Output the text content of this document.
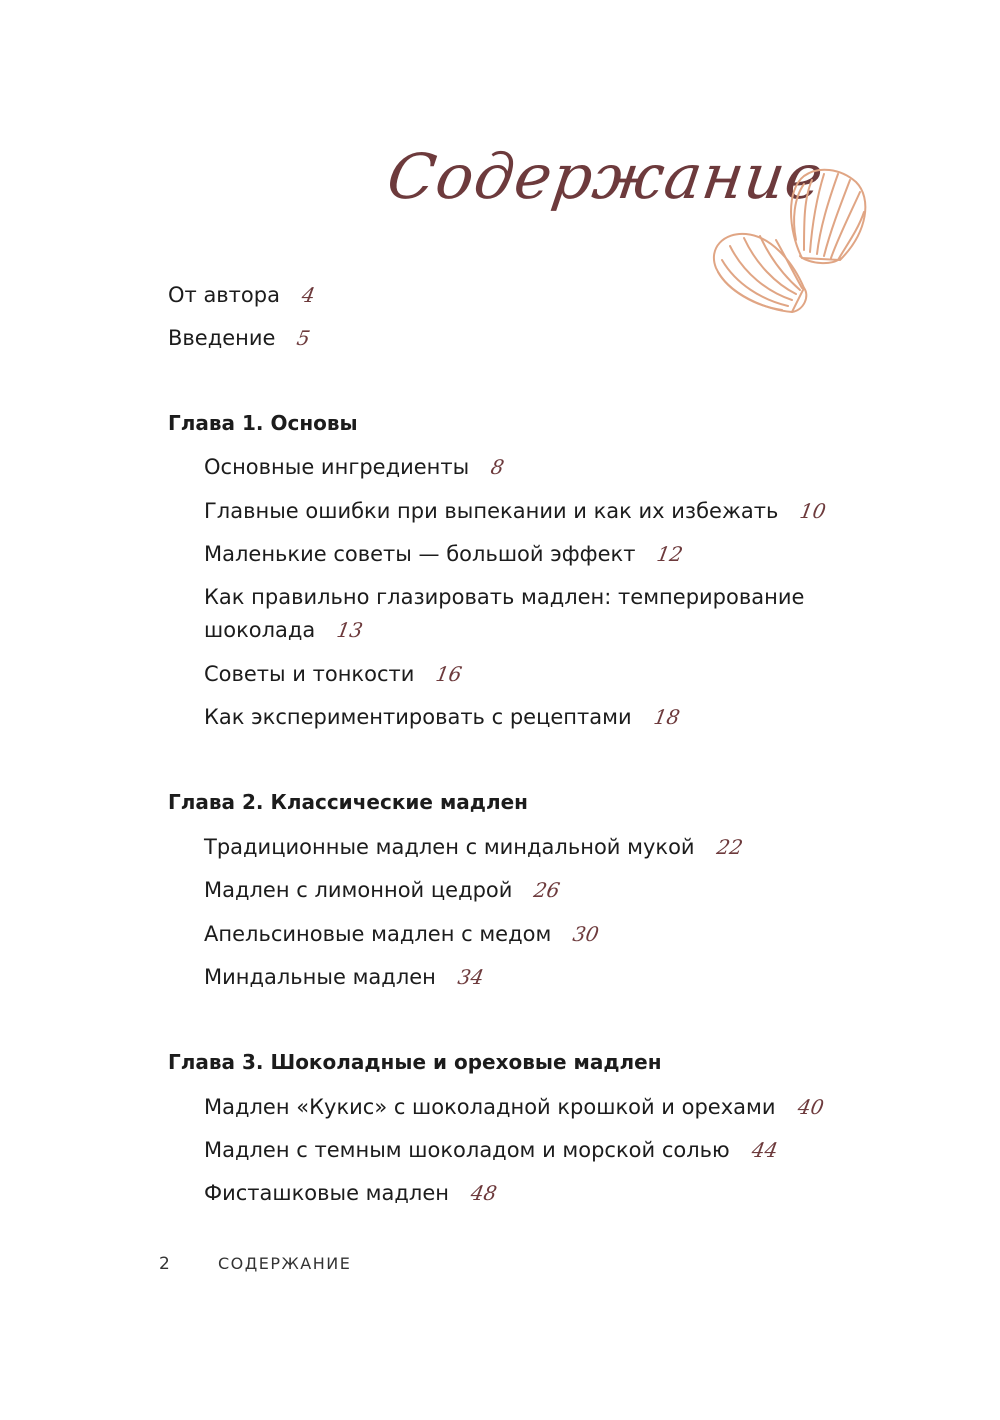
Содержание
От автора 4
Введение 5
Глава 1. Основы
Основные ингредиенты 8
Главные ошибки при выпекании и как их избежать 10
Маленькие советы — большой эффект 12
Как правильно глазировать мадлен: темперирование
шоколада 13
Советы и тонкости 16
Как экспериментировать с рецептами 18
Глава 2. Классические мадлен
Традиционные мадлен с миндальной мукой 22
Мадлен с лимонной цедрой 26
Апельсиновые мадлен с медом 30
Миндальные мадлен 34
Глава 3. Шоколадные и ореховые мадлен
Мадлен «Кукис» с шоколадной крошкой и орехами 40
Мадлен с темным шоколадом и морской солью 44
Фисташковые мадлен 48
2	СОДЕРЖАНИЕ
